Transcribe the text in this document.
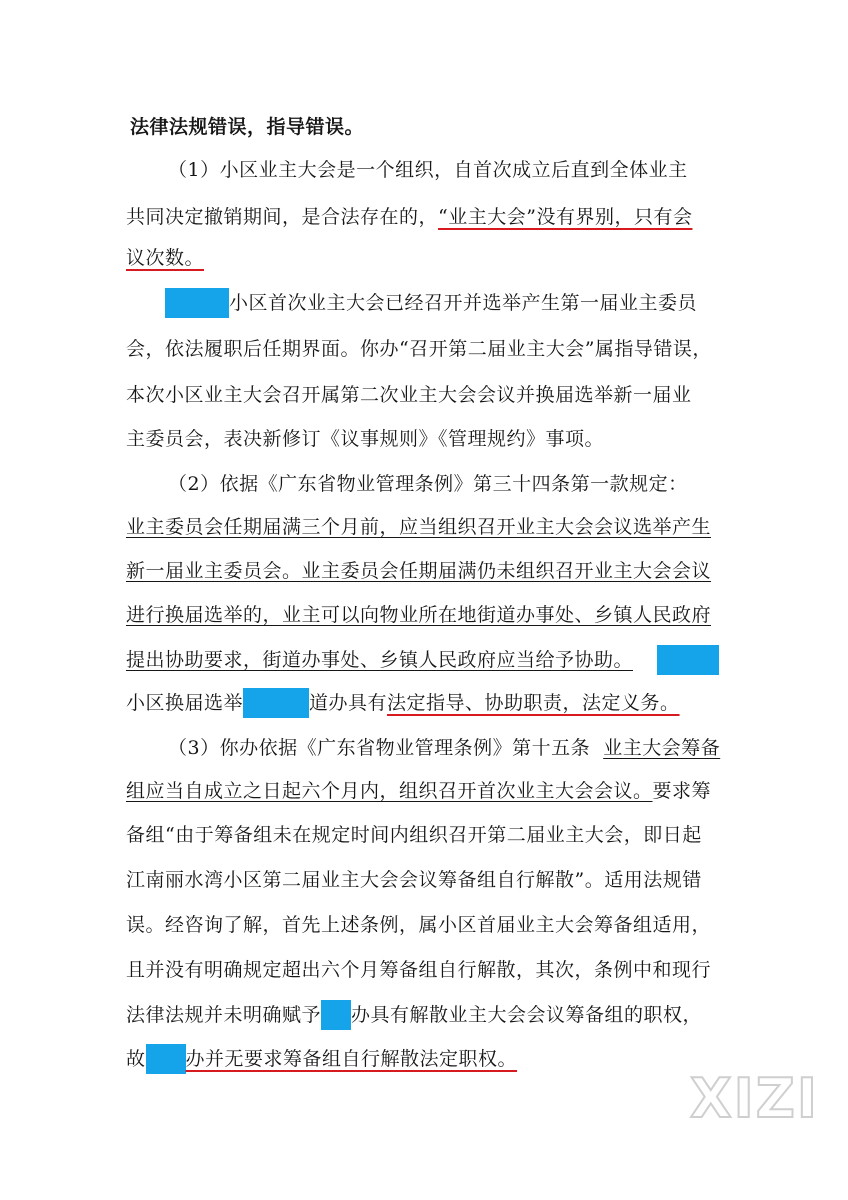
法律法规错误，指导错误。
（1）小区业主大会是一个组织，自首次成立后直到全体业主
共同决定撤销期间，是合法存在的，“业主大会”没有界别，只有会
议次数。
小区首次业主大会已经召开并选举产生第一届业主委员
会，依法履职后任期界面。你办“召开第二届业主大会”属指导错误，
本次小区业主大会召开属第二次业主大会会议并换届选举新一届业
主委员会，表决新修订《议事规则》《管理规约》事项。
（2）依据《广东省物业管理条例》第三十四条第一款规定：
业主委员会任期届满三个月前，应当组织召开业主大会会议选举产生
新一届业主委员会。业主委员会任期届满仍未组织召开业主大会会议
进行换届选举的，业主可以向物业所在地街道办事处、乡镇人民政府
提出协助要求，街道办事处、乡镇人民政府应当给予协助。
小区换届选举	道办具有法定指导、协助职责，法定义务。
（3）你办依据《广东省物业管理条例》第十五条 业主大会筹备
组应当自成立之日起六个月内，组织召开首次业主大会会议。要求筹
备组“由于筹备组未在规定时间内组织召开第二届业主大会，即日起
江南丽水湾小区第二届业主大会会议筹备组自行解散”。适用法规错
误。经咨询了解，首先上述条例，属小区首届业主大会筹备组适用，
且并没有明确规定超出六个月筹备组自行解散，其次，条例中和现行
法律法规并未明确赋予 办具有解散业主大会会议筹备组的职权，
故 办并无要求筹备组自行解散法定职权。
XIZI
